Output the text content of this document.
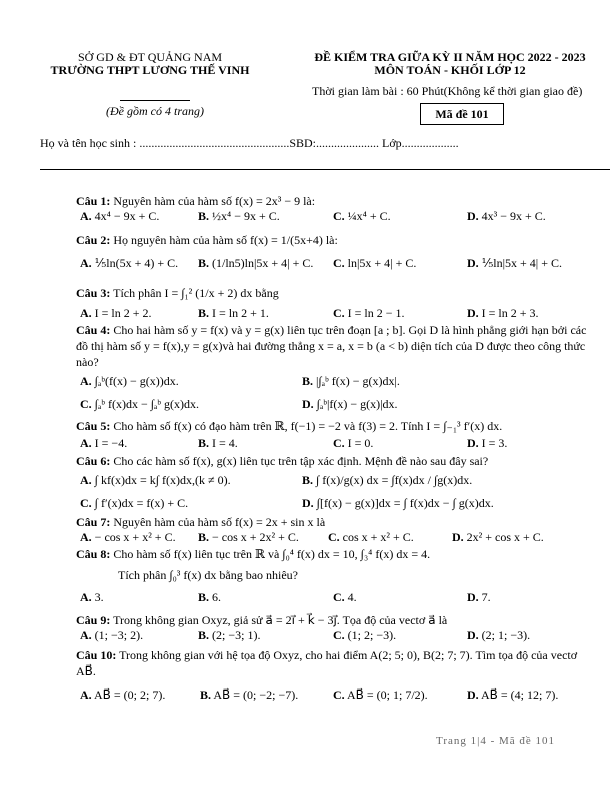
SỞ GD & ĐT QUẢNG NAM
TRƯỜNG THPT LƯƠNG THẾ VINH
(Đề gồm có 4 trang)
ĐỀ KIỂM TRA GIỮA KỲ II NĂM HỌC 2022 - 2023
MÔN TOÁN - KHỐI LỚP 12
Thời gian làm bài : 60 Phút(Không kể thời gian giao đề)
Mã đề 101
Họ và tên học sinh : ..................................................SBD:..................... Lớp...................
Câu 1: Nguyên hàm của hàm số f(x) = 2x³ − 9 là:
A. 4x⁴ − 9x + C.	B. ½x⁴ − 9x + C.	C. ¼x⁴ + C.	D. 4x³ − 9x + C.
Câu 2: Họ nguyên hàm của hàm số f(x) = 1/(5x+4) là:
A. ⅕ln(5x + 4) + C. B. (1/ln5)ln|5x + 4| + C. C. ln|5x + 4| + C.	D. ⅕ln|5x + 4| + C.
Câu 3: Tích phân I = ∫₁² (1/x + 2) dx bằng
A. I = ln 2 + 2.	B. I = ln 2 + 1.	C. I = ln 2 − 1.	D. I = ln 2 + 3.
Câu 4: Cho hai hàm số y = f(x) và y = g(x) liên tục trên đoạn [a ; b]. Gọi D là hình phẳng giới hạn bởi các đồ thị hàm số y = f(x),y = g(x)và hai đường thẳng x = a, x = b (a < b) diện tích của D được theo công thức nào?
A. ∫ₐᵇ(f(x) − g(x))dx.	B. |∫ₐᵇ f(x) − g(x)dx|.
C. ∫ₐᵇ f(x)dx − ∫ₐᵇ g(x)dx.	D. ∫ₐᵇ|f(x) − g(x)|dx.
Câu 5: Cho hàm số f(x) có đạo hàm trên ℝ, f(−1) = −2 và f(3) = 2. Tính I = ∫₋₁³ f′(x) dx.
A. I = −4.	B. I = 4.	C. I = 0.	D. I = 3.
Câu 6: Cho các hàm số f(x), g(x) liên tục trên tập xác định. Mệnh đề nào sau đây sai?
A. ∫ kf(x)dx = k∫ f(x)dx,(k ≠ 0).	B. ∫ f(x)/g(x) dx = ∫f(x)dx / ∫g(x)dx.
C. ∫ f′(x)dx = f(x) + C.	D. ∫[f(x) − g(x)]dx = ∫ f(x)dx − ∫ g(x)dx.
Câu 7: Nguyên hàm của hàm số f(x) = 2x + sin x là
A. − cos x + x² + C. B. − cos x + 2x² + C. C. cos x + x² + C.	D. 2x² + cos x + C.
Câu 8: Cho hàm số f(x) liên tục trên ℝ và ∫₀⁴ f(x) dx = 10, ∫₃⁴ f(x) dx = 4.
Tích phân ∫₀³ f(x) dx bằng bao nhiêu?
A. 3.	B. 6.	C. 4.	D. 7.
Câu 9: Trong không gian Oxyz, giả sử a⃗ = 2i⃗ + k⃗ − 3j⃗. Tọa độ của vectơ a⃗ là
A. (1; −3; 2).	B. (2; −3; 1).	C. (1; 2; −3).	D. (2; 1; −3).
Câu 10: Trong không gian với hệ tọa độ Oxyz, cho hai điểm A(2; 5; 0), B(2; 7; 7). Tìm tọa độ của vectơ AB⃗.
A. AB⃗ = (0; 2; 7).	B. AB⃗ = (0; −2; −7).	C. AB⃗ = (0; 1; 7/2).	D. AB⃗ = (4; 12; 7).
Trang 1|4 - Mã đề 101
